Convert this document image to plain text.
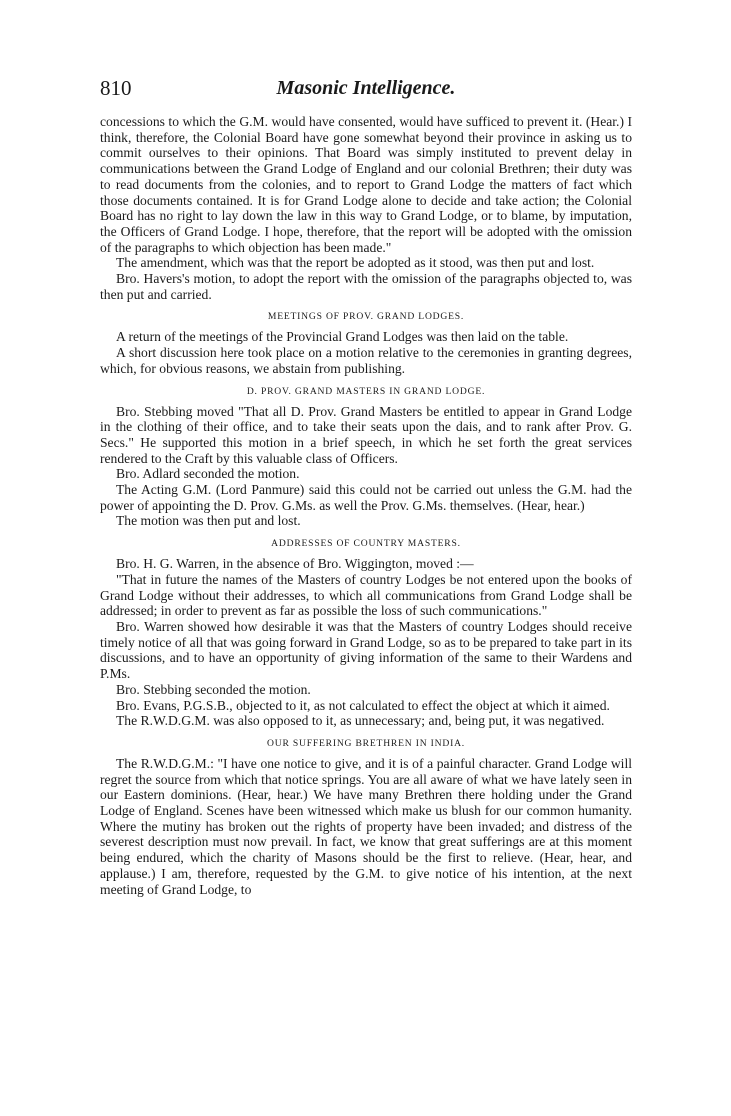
810	Masonic Intelligence.

concessions to which the G.M. would have consented, would have sufficed to prevent it. (Hear.) I think, therefore, the Colonial Board have gone somewhat beyond their province in asking us to commit ourselves to their opinions. That Board was simply instituted to prevent delay in communications between the Grand Lodge of England and our colonial Brethren; their duty was to read documents from the colonies, and to report to Grand Lodge the matters of fact which those documents contained. It is for Grand Lodge alone to decide and take action; the Colonial Board has no right to lay down the law in this way to Grand Lodge, or to blame, by imputation, the Officers of Grand Lodge. I hope, therefore, that the report will be adopted with the omission of the paragraphs to which objection has been made."

The amendment, which was that the report be adopted as it stood, was then put and lost.

Bro. Havers's motion, to adopt the report with the omission of the paragraphs objected to, was then put and carried.

MEETINGS OF PROV. GRAND LODGES.

A return of the meetings of the Provincial Grand Lodges was then laid on the table.

A short discussion here took place on a motion relative to the ceremonies in granting degrees, which, for obvious reasons, we abstain from publishing.

D. PROV. GRAND MASTERS IN GRAND LODGE.

Bro. Stebbing moved "That all D. Prov. Grand Masters be entitled to appear in Grand Lodge in the clothing of their office, and to take their seats upon the dais, and to rank after Prov. G. Secs." He supported this motion in a brief speech, in which he set forth the great services rendered to the Craft by this valuable class of Officers.

Bro. Adlard seconded the motion.

The Acting G.M. (Lord Panmure) said this could not be carried out unless the G.M. had the power of appointing the D. Prov. G.Ms. as well the Prov. G.Ms. themselves. (Hear, hear.)

The motion was then put and lost.

ADDRESSES OF COUNTRY MASTERS.

Bro. H. G. Warren, in the absence of Bro. Wiggington, moved :—

"That in future the names of the Masters of country Lodges be not entered upon the books of Grand Lodge without their addresses, to which all communications from Grand Lodge shall be addressed; in order to prevent as far as possible the loss of such communications."

Bro. Warren showed how desirable it was that the Masters of country Lodges should receive timely notice of all that was going forward in Grand Lodge, so as to be prepared to take part in its discussions, and to have an opportunity of giving information of the same to their Wardens and P.Ms.

Bro. Stebbing seconded the motion.

Bro. Evans, P.G.S.B., objected to it, as not calculated to effect the object at which it aimed.

The R.W.D.G.M. was also opposed to it, as unnecessary; and, being put, it was negatived.

OUR SUFFERING BRETHREN IN INDIA.

The R.W.D.G.M.: "I have one notice to give, and it is of a painful character. Grand Lodge will regret the source from which that notice springs. You are all aware of what we have lately seen in our Eastern dominions. (Hear, hear.) We have many Brethren there holding under the Grand Lodge of England. Scenes have been witnessed which make us blush for our common humanity. Where the mutiny has broken out the rights of property have been invaded; and distress of the severest description must now prevail. In fact, we know that great sufferings are at this moment being endured, which the charity of Masons should be the first to relieve. (Hear, hear, and applause.) I am, therefore, requested by the G.M. to give notice of his intention, at the next meeting of Grand Lodge, to
